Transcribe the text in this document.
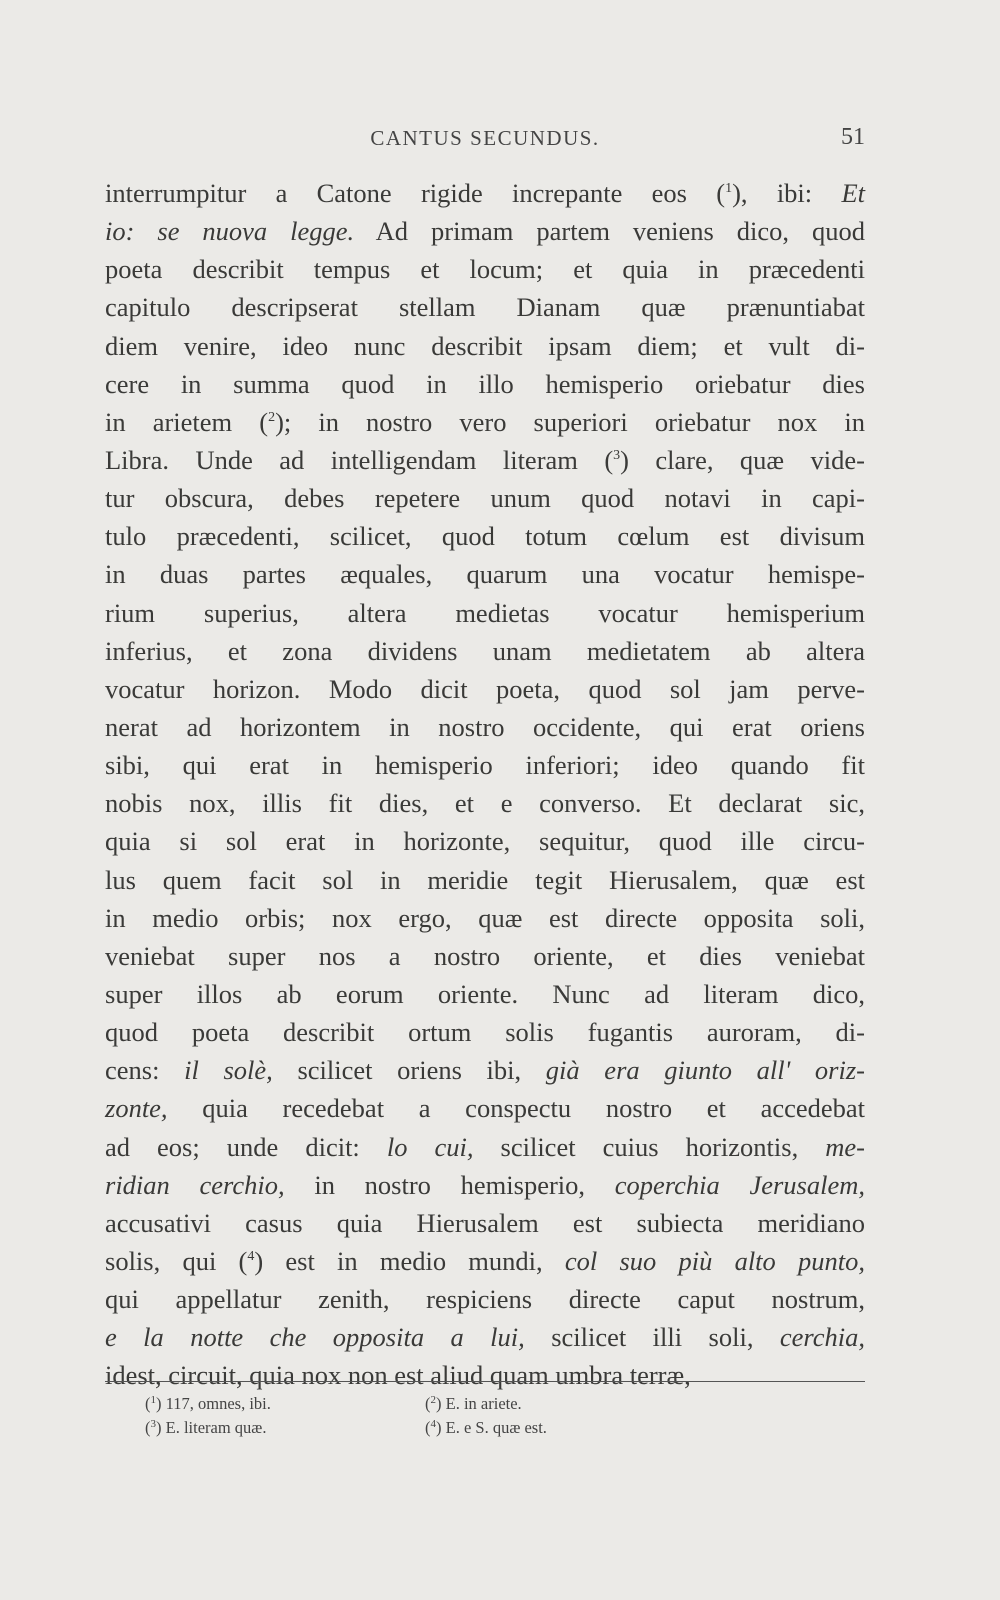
CANTUS SECUNDUS.	51
interrumpitur a Catone rigide increpante eos ($^1$), ibi: Et
io: se nuova legge. Ad primam partem veniens dico, quod
poeta describit tempus et locum; et quia in præcedenti
capitulo descripserat stellam Dianam quæ prænuntiabat
diem venire, ideo nunc describit ipsam diem; et vult di-
cere in summa quod in illo hemisperio oriebatur dies
in arietem ($^2$); in nostro vero superiori oriebatur nox in
Libra. Unde ad intelligendam literam ($^3$) clare, quæ vide-
tur obscura, debes repetere unum quod notavi in capi-
tulo præcedenti, scilicet, quod totum cœlum est divisum
in duas partes æquales, quarum una vocatur hemispe-
rium superius, altera medietas vocatur hemisperium
inferius, et zona dividens unam medietatem ab altera
vocatur horizon. Modo dicit poeta, quod sol jam perve-
nerat ad horizontem in nostro occidente, qui erat oriens
sibi, qui erat in hemisperio inferiori; ideo quando fit
nobis nox, illis fit dies, et e converso. Et declarat sic,
quia si sol erat in horizonte, sequitur, quod ille circu-
lus quem facit sol in meridie tegit Hierusalem, quæ est
in medio orbis; nox ergo, quæ est directe opposita soli,
veniebat super nos a nostro oriente, et dies veniebat
super illos ab eorum oriente. Nunc ad literam dico,
quod poeta describit ortum solis fugantis auroram, di-
cens: il solè, scilicet oriens ibi, già era giunto all' oriz-
zonte, quia recedebat a conspectu nostro et accedebat
ad eos; unde dicit: lo cui, scilicet cuius horizontis, me-
ridian cerchio, in nostro hemisperio, coperchia Jerusalem,
accusativi casus quia Hierusalem est subiecta meridiano
solis, qui ($^4$) est in medio mundi, col suo più alto punto,
qui appellatur zenith, respiciens directe caput nostrum,
e la notte che opposita a lui, scilicet illi soli, cerchia,
idest, circuit, quia nox non est aliud quam umbra terræ,
($^1$) 117, omnes, ibi.	($^2$) E. in ariete.
($^3$) E. literam quæ.	($^4$) E. e S. quæ est.
